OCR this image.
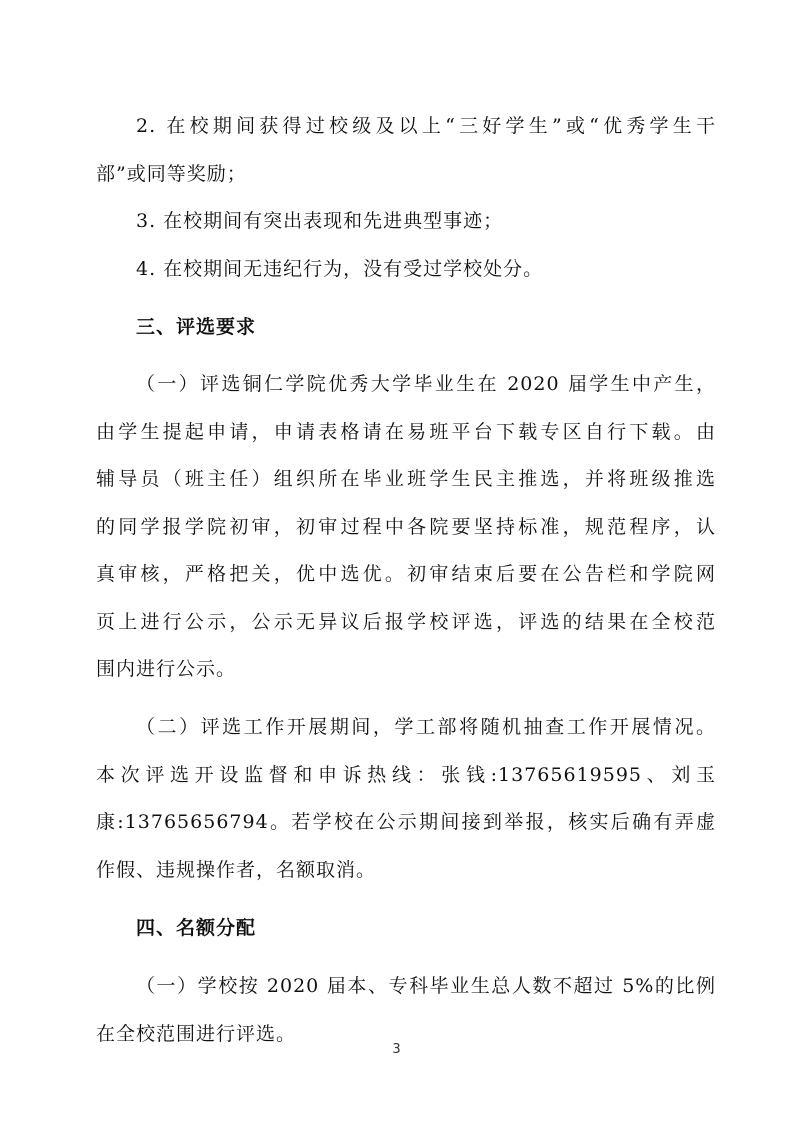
2. 在校期间获得过校级及以上“三好学生”或“优秀学生干
部”或同等奖励；
3. 在校期间有突出表现和先进典型事迹；
4. 在校期间无违纪行为，没有受过学校处分。
三、评选要求
（一）评选铜仁学院优秀大学毕业生在 2020 届学生中产生，
由学生提起申请，申请表格请在易班平台下载专区自行下载。由
辅导员（班主任）组织所在毕业班学生民主推选，并将班级推选
的同学报学院初审，初审过程中各院要坚持标准，规范程序，认
真审核，严格把关，优中选优。初审结束后要在公告栏和学院网
页上进行公示，公示无异议后报学校评选，评选的结果在全校范
围内进行公示。
（二）评选工作开展期间，学工部将随机抽查工作开展情况。
本次评选开设监督和申诉热线：张钱:13765619595、刘玉
康:13765656794。若学校在公示期间接到举报，核实后确有弄虚
作假、违规操作者，名额取消。
四、名额分配
（一）学校按 2020 届本、专科毕业生总人数不超过 5%的比例
在全校范围进行评选。
3
